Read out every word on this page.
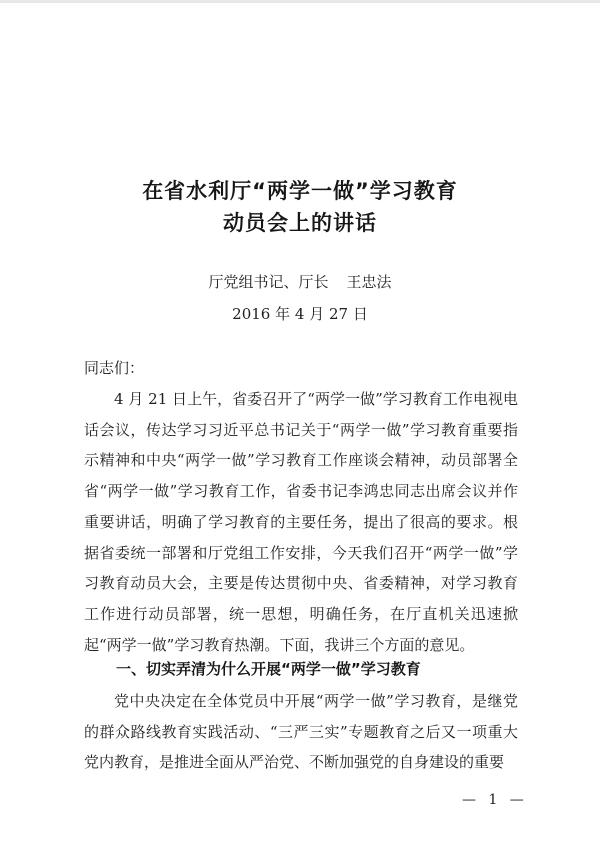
在省水利厅“两学一做”学习教育
动员会上的讲话
厅党组书记、厅长 王忠法
2016 年 4 月 27 日
同志们：

4 月 21 日上午，省委召开了“两学一做”学习教育工作电视电话会议，传达学习习近平总书记关于“两学一做”学习教育重要指示精神和中央“两学一做”学习教育工作座谈会精神，动员部署全省“两学一做”学习教育工作，省委书记李鸿忠同志出席会议并作重要讲话，明确了学习教育的主要任务，提出了很高的要求。根据省委统一部署和厅党组工作安排，今天我们召开“两学一做”学习教育动员大会，主要是传达贯彻中央、省委精神，对学习教育工作进行动员部署，统一思想，明确任务，在厅直机关迅速掀起“两学一做”学习教育热潮。下面，我讲三个方面的意见。

一、切实弄清为什么开展“两学一做”学习教育

党中央决定在全体党员中开展“两学一做”学习教育，是继党的群众路线教育实践活动、“三严三实”专题教育之后又一项重大党内教育，是推进全面从严治党、不断加强党的自身建设的重要

— 1 —
